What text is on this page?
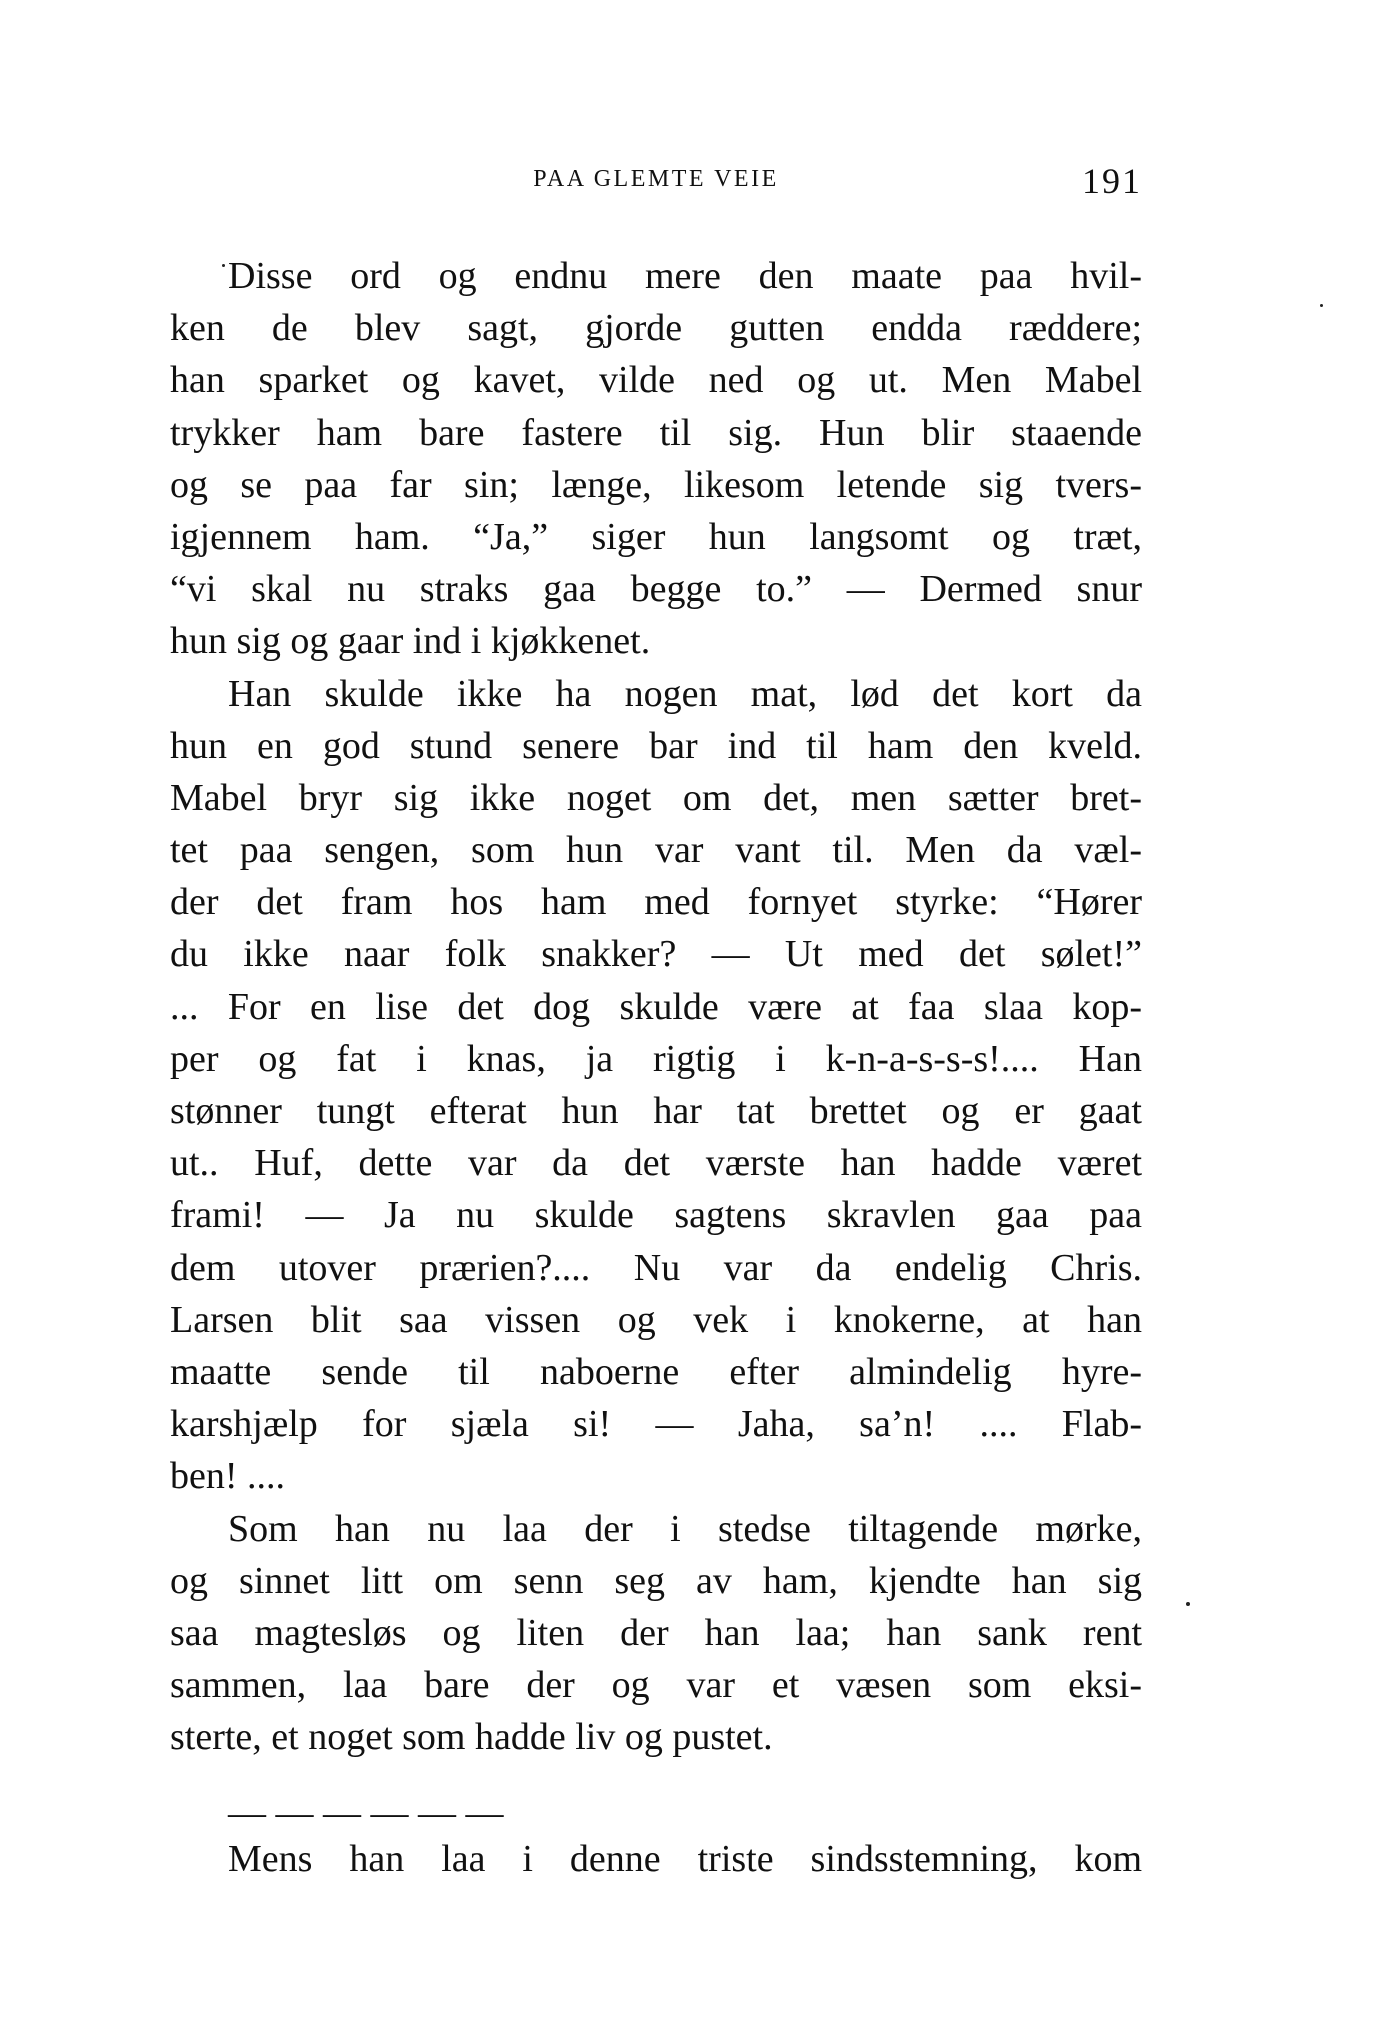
PAA GLEMTE VEIE	191
Disse ord og endnu mere den maate paa hvil-
ken de blev sagt, gjorde gutten endda ræddere;
han sparket og kavet, vilde ned og ut. Men Mabel
trykker ham bare fastere til sig. Hun blir staaende
og se paa far sin; længe, likesom letende sig tvers-
igjennem ham. “Ja,” siger hun langsomt og træt,
“vi skal nu straks gaa begge to.” — Dermed snur
hun sig og gaar ind i kjøkkenet.
Han skulde ikke ha nogen mat, lød det kort da
hun en god stund senere bar ind til ham den kveld.
Mabel bryr sig ikke noget om det, men sætter bret-
tet paa sengen, som hun var vant til. Men da væl-
der det fram hos ham med fornyet styrke: “Hører
du ikke naar folk snakker? — Ut med det sølet!”
... For en lise det dog skulde være at faa slaa kop-
per og fat i knas, ja rigtig i k-n-a-s-s-s!.... Han
stønner tungt efterat hun har tat brettet og er gaat
ut.. Huf, dette var da det værste han hadde været
frami! — Ja nu skulde sagtens skravlen gaa paa
dem utover prærien?.... Nu var da endelig Chris.
Larsen blit saa vissen og vek i knokerne, at han
maatte sende til naboerne efter almindelig hyre-
karshjælp for sjæla si! — Jaha, sa’n! .... Flab-
ben! ....
Som han nu laa der i stedse tiltagende mørke,
og sinnet litt om senn seg av ham, kjendte han sig
saa magtesløs og liten der han laa; han sank rent
sammen, laa bare der og var et væsen som eksi-
sterte, et noget som hadde liv og pustet.
— — — — — —
Mens han laa i denne triste sindsstemning, kom
